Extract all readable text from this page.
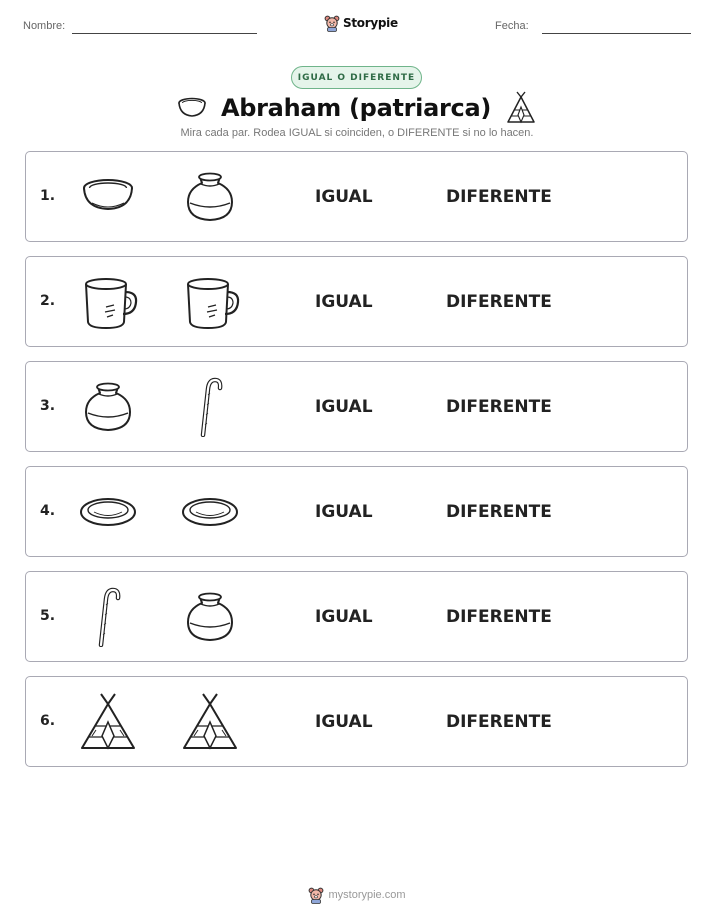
Nombre:	Storypie	Fecha:
IGUAL O DIFERENTE
Abraham (patriarca)
Mira cada par. Rodea IGUAL si coinciden, o DIFERENTE si no lo hacen.
1.	IGUAL	DIFERENTE
2.	IGUAL	DIFERENTE
3.	IGUAL	DIFERENTE
4.	IGUAL	DIFERENTE
5.	IGUAL	DIFERENTE
6.	IGUAL	DIFERENTE
mystorypie.com
